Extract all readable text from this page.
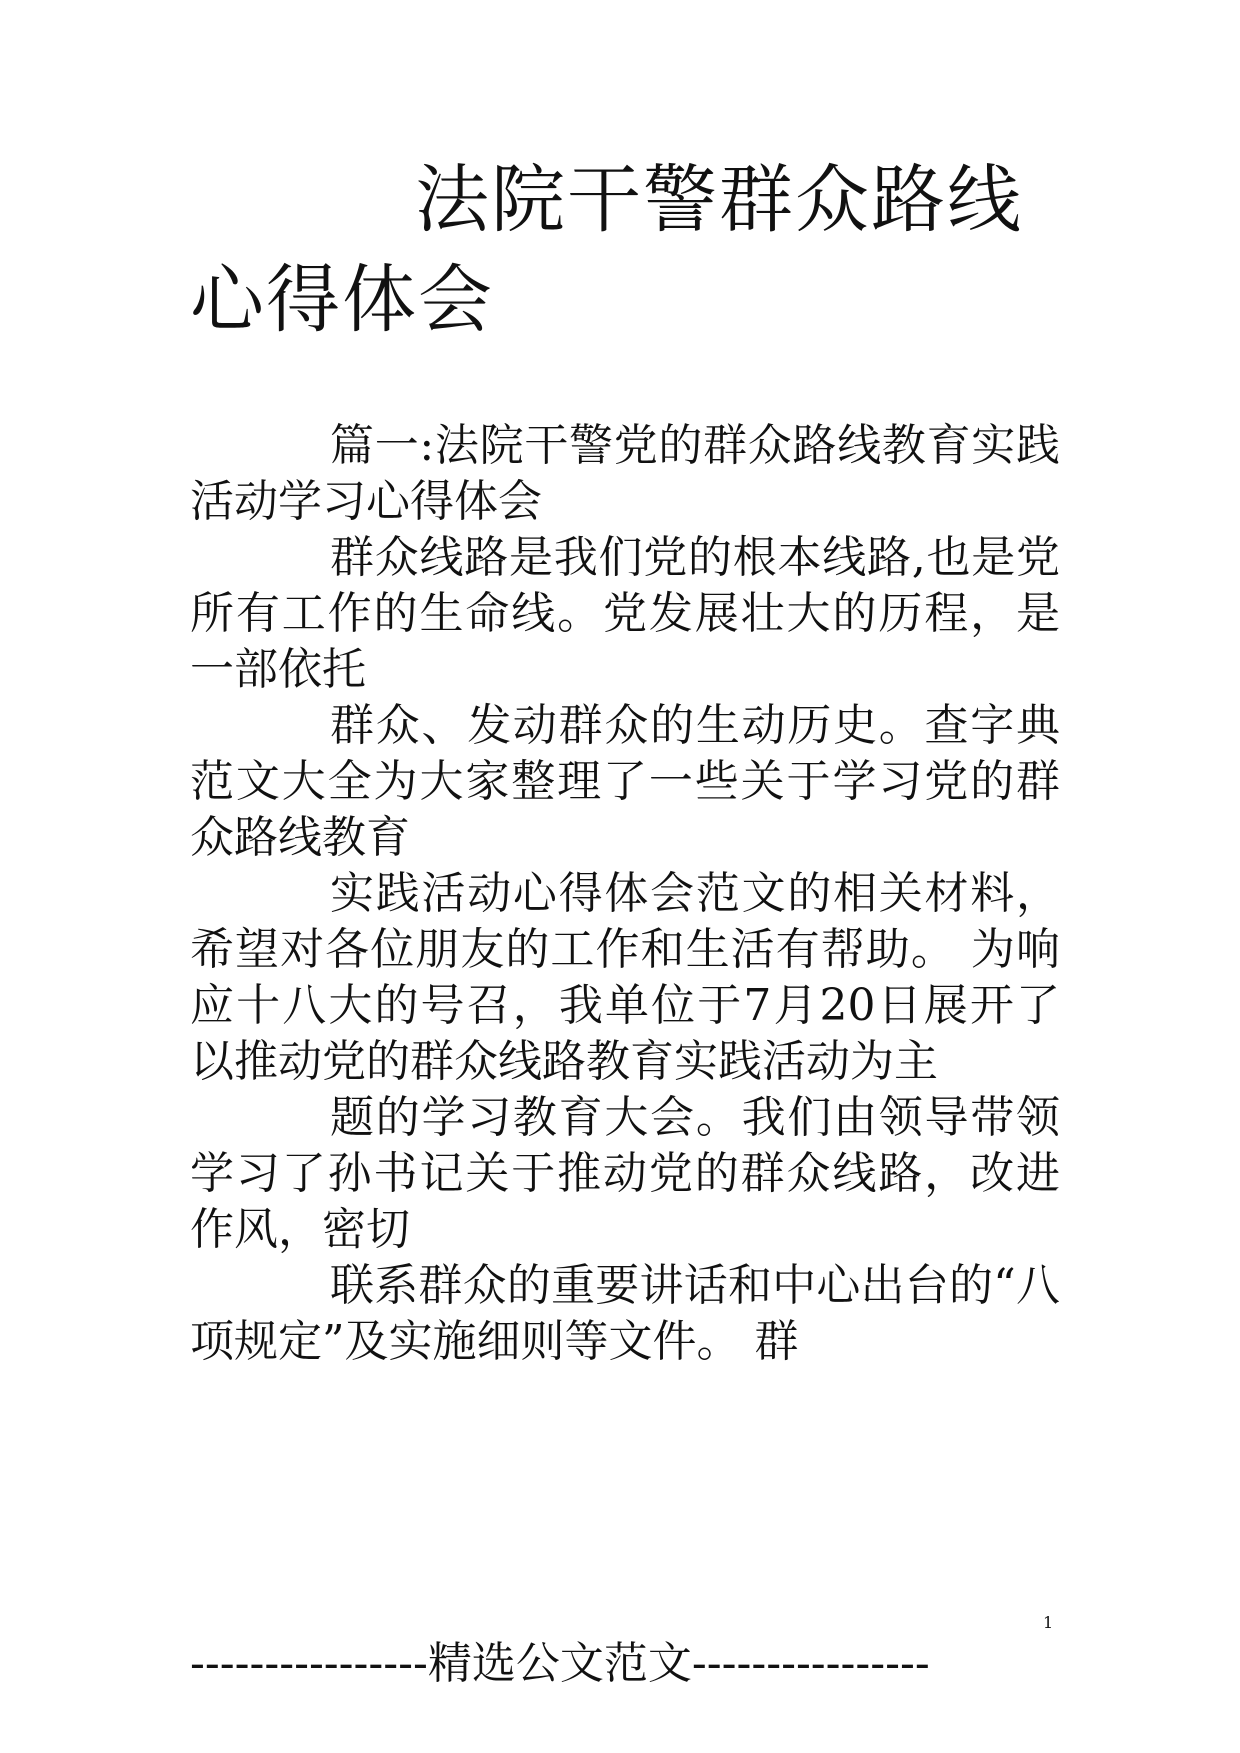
法院干警群众路线心得体会

篇一:法院干警党的群众路线教育实践活动学习心得体会

群众线路是我们党的根本线路,也是党所有工作的生命线。党发展壮大的历程，是一部依托

群众、发动群众的生动历史。查字典范文大全为大家整理了一些关于学习党的群众路线教育

实践活动心得体会范文的相关材料，希望对各位朋友的工作和生活有帮助。 为响应十八大的号召，我单位于7月20日展开了以推动党的群众线路教育实践活动为主

题的学习教育大会。我们由领导带领学习了孙书记关于推动党的群众线路，改进作风，密切

联系群众的重要讲话和中心出台的“八项规定”及实施细则等文件。 群

1
----------------精选公文范文----------------
